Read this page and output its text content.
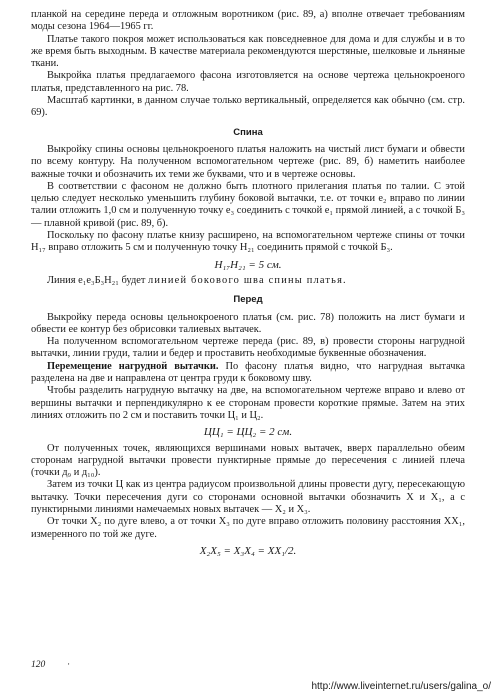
планкой на середине переда и отложным воротником (рис. 89, а) вполне отвечает требованиям моды сезона 1964—1965 гг.

Платье такого покроя может использоваться как повседневное для дома и для службы и в то же время быть выходным. В качестве материала рекомендуются шерстяные, шелковые и льняные ткани.

Выкройка платья предлагаемого фасона изготовляется на основе чертежа цельнокроеного платья, представленного на рис. 78.

Масштаб картинки, в данном случае только вертикальный, определяется как обычно (см. стр. 69).

Спина

Выкройку спины основы цельнокроеного платья наложить на чистый лист бумаги и обвести по всему контуру. На полученном вспомогательном чертеже (рис. 89, б) наметить наиболее важные точки и обозначить их теми же буквами, что и в чертеже основы.

В соответствии с фасоном не должно быть плотного прилегания платья по талии. С этой целью следует несколько уменьшить глубину боковой вытачки, т.е. от точки е₂ вправо по линии талии отложить 1,0 см и полученную точку е₃ соединить с точкой е₁ прямой линией, а с точкой Б₃ — плавной кривой (рис. 89, б).

Поскольку по фасону платье книзу расширено, на вспомогательном чертеже спины от точки Н₁₇ вправо отложить 5 см и полученную точку Н₂₁ соединить прямой с точкой Б₃.

Н₁₇Н₂₁ = 5 см.

Линия е₁е₃Б₃Н₂₁ будет линией бокового шва спины платья.

Перед

Выкройку переда основы цельнокроеного платья (см. рис. 78) положить на лист бумаги и обвести ее контур без обрисовки талиевых вытачек.

На полученном вспомогательном чертеже переда (рис. 89, в) провести стороны нагрудной вытачки, линии груди, талии и бедер и проставить необходимые буквенные обозначения.

Перемещение нагрудной вытачки. По фасону платья видно, что нагрудная вытачка разделена на две и направлена от центра груди к боковому шву.

Чтобы разделить нагрудную вытачку на две, на вспомогательном чертеже вправо и влево от вершины вытачки и перпендикулярно к ее сторонам провести короткие прямые. Затем на этих линиях отложить по 2 см и поставить точки Ц₁ и Ц₂.

ЦЦ₁ = ЦЦ₂ = 2 см.

От полученных точек, являющихся вершинами новых вытачек, вверх параллельно обеим сторонам нагрудной вытачки провести пунктирные прямые до пересечения с линией плеча (точки д₉ и д₁₀).

Затем из точки Ц как из центра радиусом произвольной длины провести дугу, пересекающую вытачку. Точки пересечения дуги со сторонами основной вытачки обозначить X и X₁, а с пунктирными линиями намечаемых новых вытачек — X₂ и X₃.

От точки X₂ по дуге влево, а от точки X₃ по дуге вправо отложить половину расстояния XX₁, измеренного по той же дуге.

X₂X₅ = X₃X₄ = XX₁/2.
120 ·
http://www.liveinternet.ru/users/galina_o/
